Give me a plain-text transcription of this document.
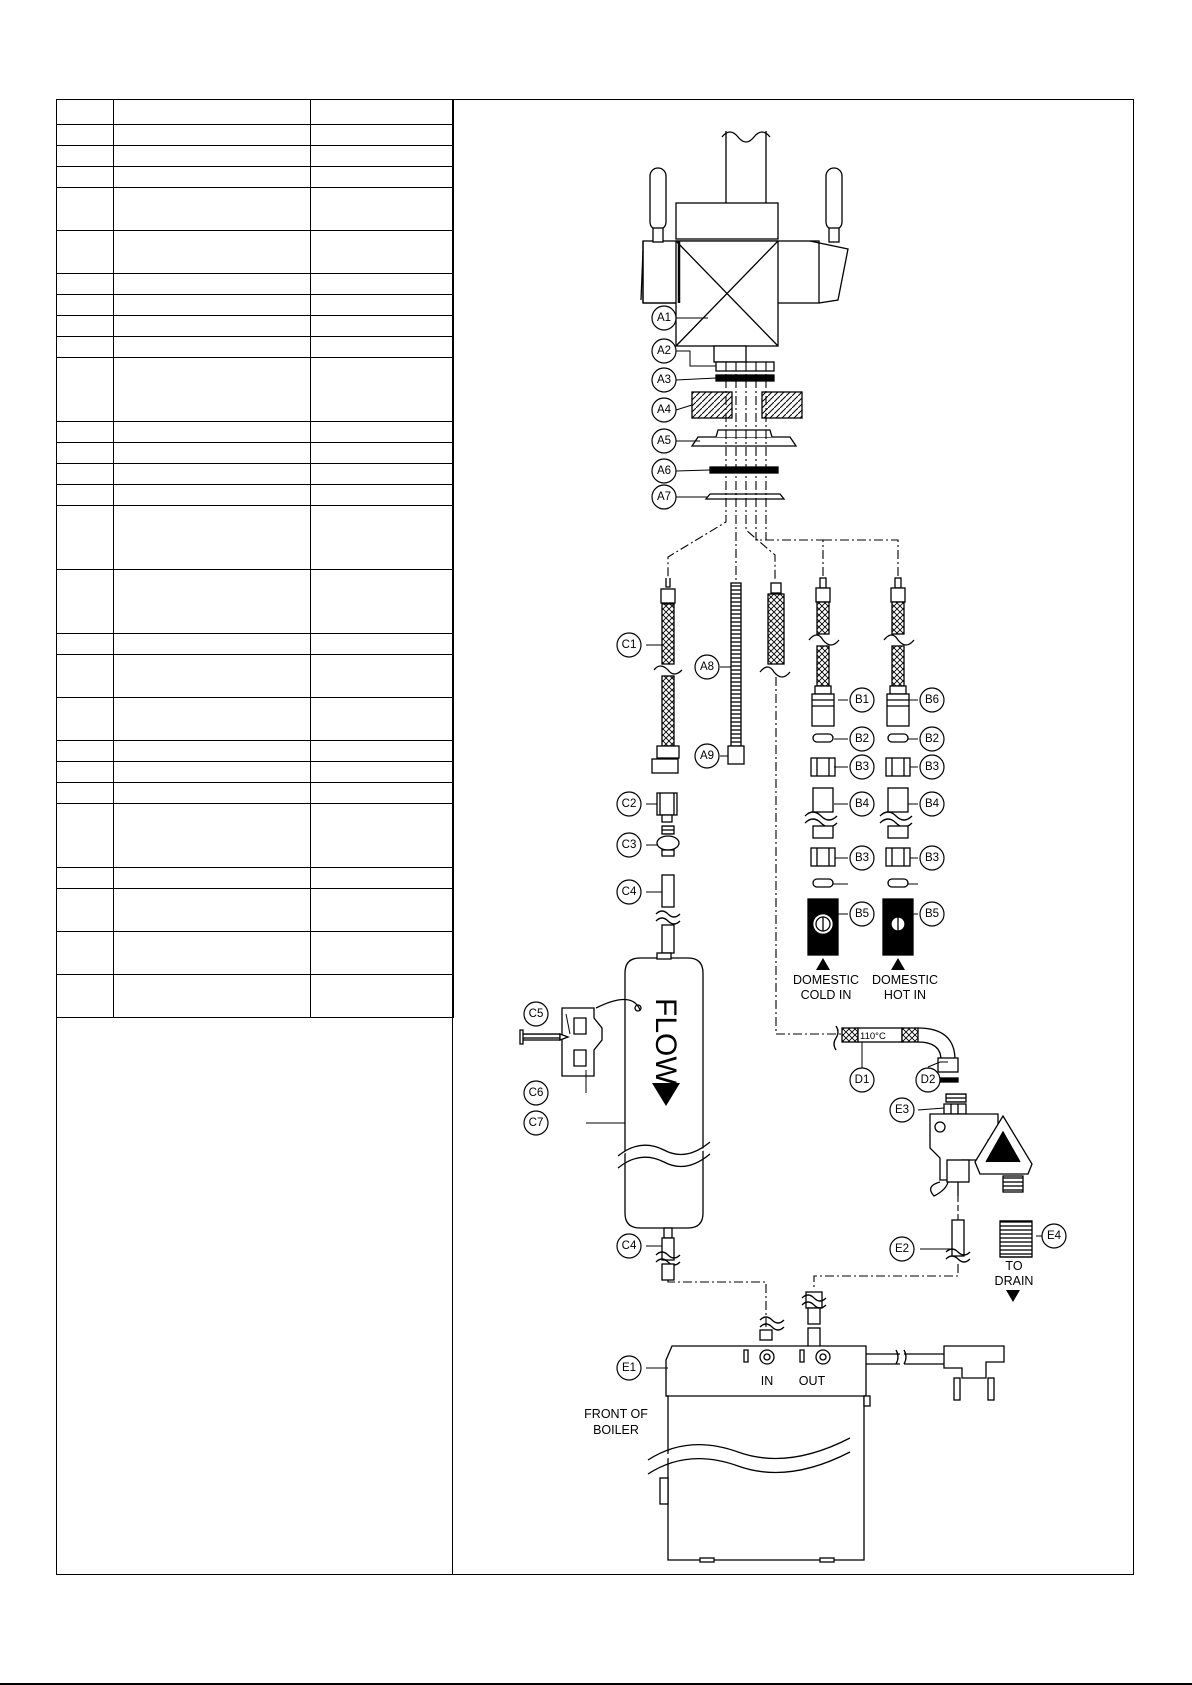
A1
A2
A3
A4
A5
A6
A7
A8
A9
B1
B2
B3
B4
B3
B5
B6
B2
B3
B4
B3
B5
C1
C2
C3
C4
C5
C6
C7
C4
D1	D2
E3
E2
E4
E1
DOMESTIC
COLD IN
DOMESTIC
HOT IN
FLOW	110°C
TO
DRAIN
IN OUT
FRONT OF
BOILER
